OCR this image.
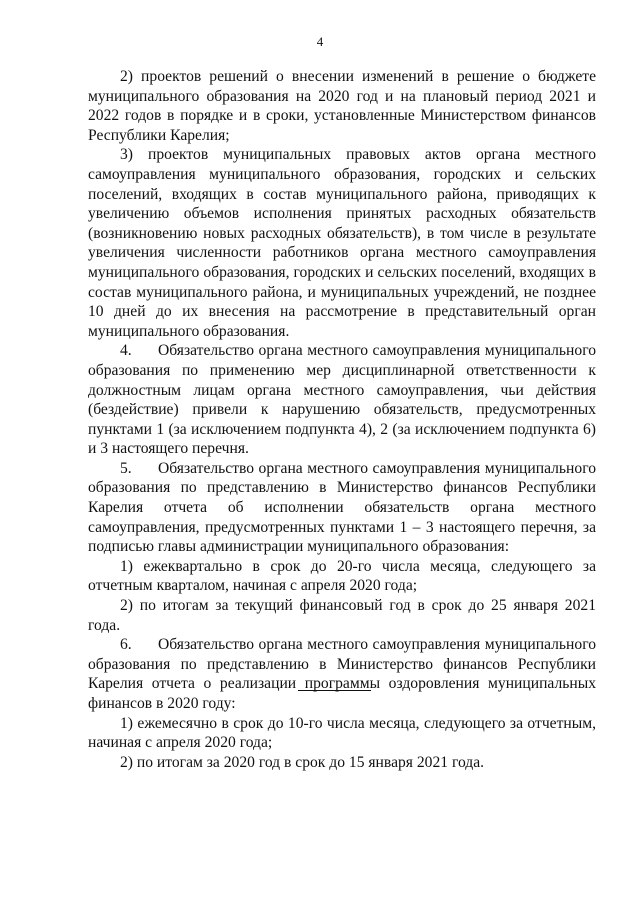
4

2) проектов решений о внесении изменений в решение о бюджете муниципального образования на 2020 год и на плановый период 2021 и 2022 годов в порядке и в сроки, установленные Министерством финансов Республики Карелия;

3) проектов муниципальных правовых актов органа местного самоуправления муниципального образования, городских и сельских поселений, входящих в состав муниципального района, приводящих к увеличению объемов исполнения принятых расходных обязательств (возникновению новых расходных обязательств), в том числе в результате увеличения численности работников органа местного самоуправления муниципального образования, городских и сельских поселений, входящих в состав муниципального района, и муниципальных учреждений, не позднее 10 дней до их внесения на рассмотрение в представительный орган муниципального образования.

4. Обязательство органа местного самоуправления муниципального образования по применению мер дисциплинарной ответственности к должностным лицам органа местного самоуправления, чьи действия (бездействие) привели к нарушению обязательств, предусмотренных пунктами 1 (за исключением подпункта 4), 2 (за исключением подпункта 6) и 3 настоящего перечня.

5. Обязательство органа местного самоуправления муниципального образования по представлению в Министерство финансов Республики Карелия отчета об исполнении обязательств органа местного самоуправления, предусмотренных пунктами 1 – 3 настоящего перечня, за подписью главы администрации муниципального образования:

1) ежеквартально в срок до 20-го числа месяца, следующего за отчетным кварталом, начиная с апреля 2020 года;

2) по итогам за текущий финансовый год в срок до 25 января 2021 года.

6. Обязательство органа местного самоуправления муниципального образования по представлению в Министерство финансов Республики Карелия отчета о реализации программы оздоровления муниципальных финансов в 2020 году:

1) ежемесячно в срок до 10-го числа месяца, следующего за отчетным, начиная с апреля 2020 года;

2) по итогам за 2020 год в срок до 15 января 2021 года.
